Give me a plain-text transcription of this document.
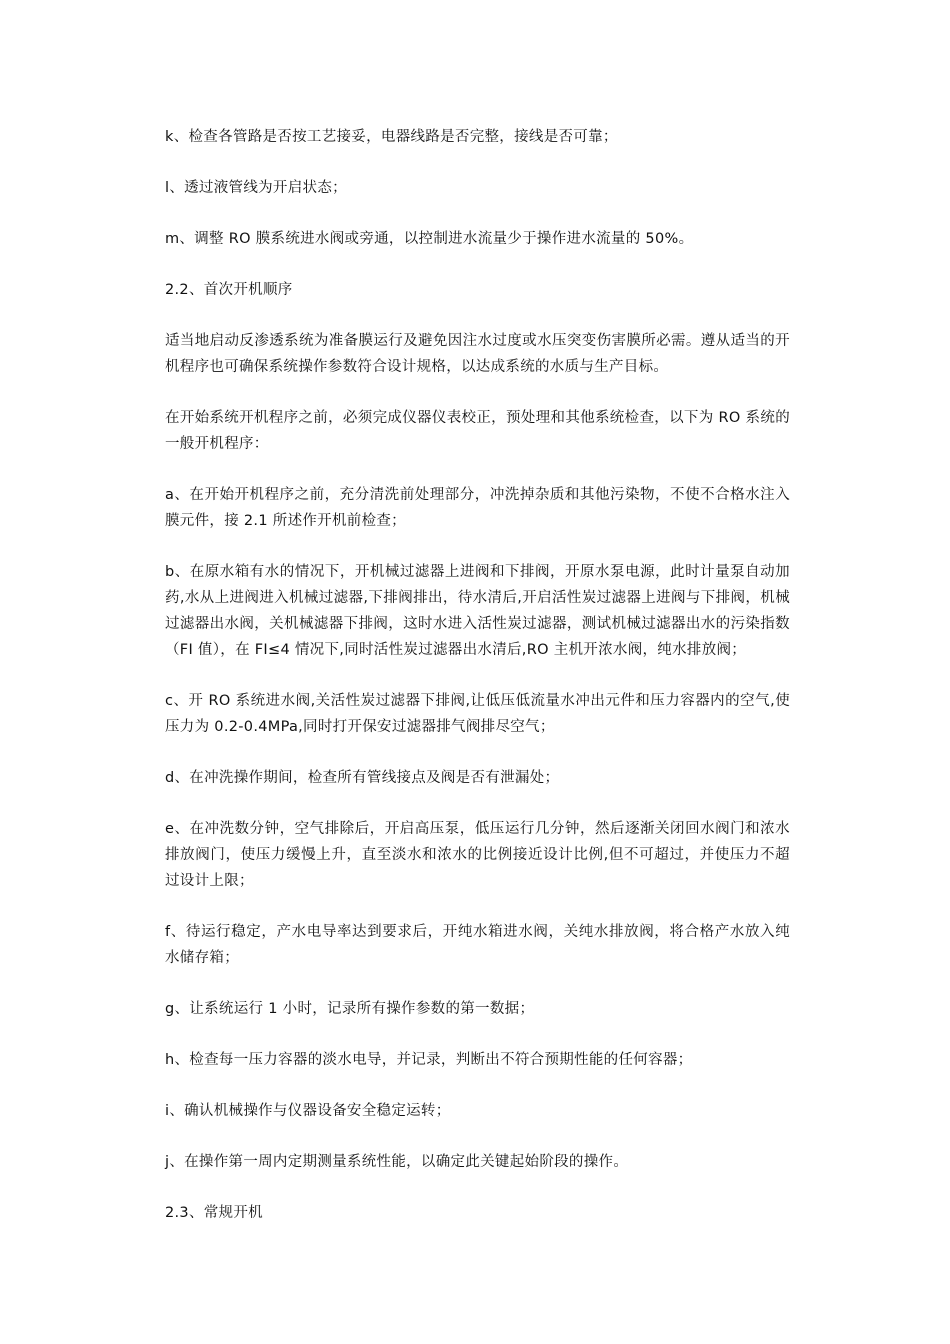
k、检查各管路是否按工艺接妥，电器线路是否完整，接线是否可靠；

l、透过液管线为开启状态；

m、调整 RO 膜系统进水阀或旁通，以控制进水流量少于操作进水流量的 50%。

2.2、首次开机顺序

适当地启动反渗透系统为准备膜运行及避免因注水过度或水压突变伤害膜所必需。遵从适当的开机程序也可确保系统操作参数符合设计规格，以达成系统的水质与生产目标。

在开始系统开机程序之前，必须完成仪器仪表校正，预处理和其他系统检查，以下为 RO 系统的一般开机程序：

a、在开始开机程序之前，充分清洗前处理部分，冲洗掉杂质和其他污染物，不使不合格水注入膜元件，接 2.1 所述作开机前检查；

b、在原水箱有水的情况下，开机械过滤器上进阀和下排阀，开原水泵电源，此时计量泵自动加药,水从上进阀进入机械过滤器,下排阀排出，待水清后,开启活性炭过滤器上进阀与下排阀，机械过滤器出水阀，关机械滤器下排阀，这时水进入活性炭过滤器，测试机械过滤器出水的污染指数（FI 值），在 FI≤4 情况下,同时活性炭过滤器出水清后,RO 主机开浓水阀，纯水排放阀；

c、开 RO 系统进水阀,关活性炭过滤器下排阀,让低压低流量水冲出元件和压力容器内的空气,使压力为 0.2-0.4MPa,同时打开保安过滤器排气阀排尽空气；

d、在冲洗操作期间，检查所有管线接点及阀是否有泄漏处；

e、在冲洗数分钟，空气排除后，开启高压泵，低压运行几分钟，然后逐渐关闭回水阀门和浓水排放阀门，使压力缓慢上升，直至淡水和浓水的比例接近设计比例,但不可超过，并使压力不超过设计上限；

f、待运行稳定，产水电导率达到要求后，开纯水箱进水阀，关纯水排放阀，将合格产水放入纯水储存箱；

g、让系统运行 1 小时，记录所有操作参数的第一数据；

h、检查每一压力容器的淡水电导，并记录，判断出不符合预期性能的任何容器；

i、确认机械操作与仪器设备安全稳定运转；

j、在操作第一周内定期测量系统性能，以确定此关键起始阶段的操作。

2.3、常规开机
